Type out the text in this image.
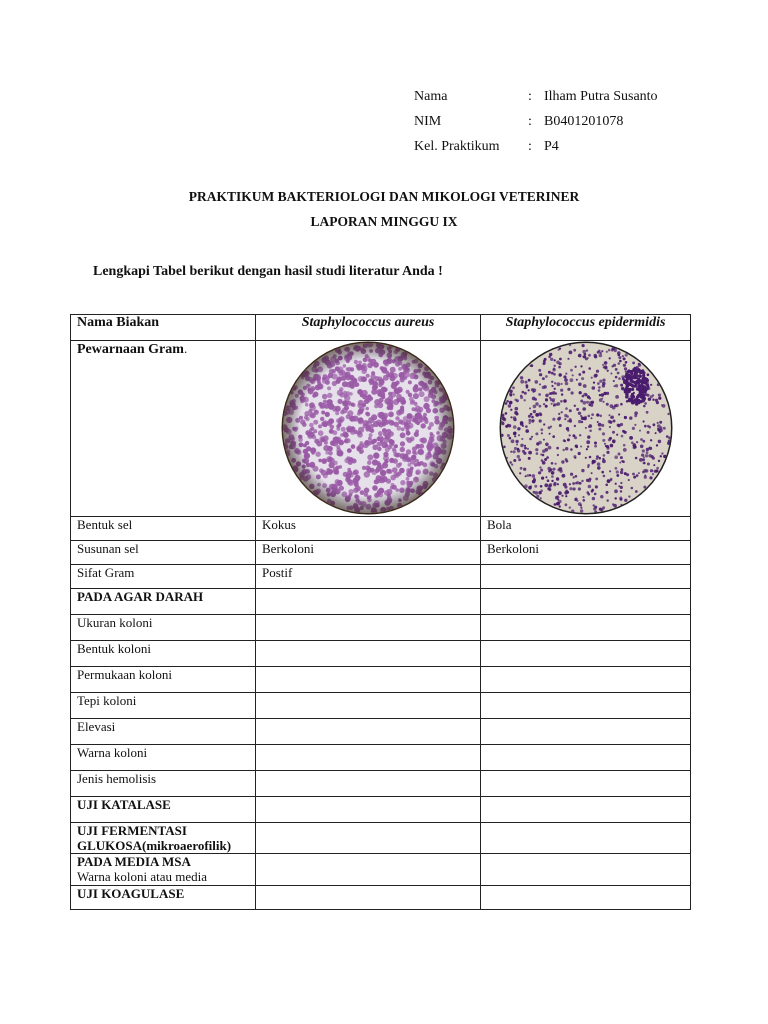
Nama	: Ilham Putra Susanto
NIM	: B0401201078
Kel. Praktikum : P4
PRAKTIKUM BAKTERIOLOGI DAN MIKOLOGI VETERINER
LAPORAN MINGGU IX
Lengkapi Tabel berikut dengan hasil studi literatur Anda !
Nama Biakan	Staphylococcus aureus	Staphylococcus epidermidis
Pewarnaan Gram.	

Bentuk sel	Kokus	Bola
Susunan sel	Berkoloni	Berkoloni
Sifat Gram	Postif	
PADA AGAR DARAH		
Ukuran koloni		
Bentuk koloni		
Permukaan koloni		
Tepi koloni		
Elevasi		
Warna koloni		
Jenis hemolisis		
UJI KATALASE		
UJI FERMENTASI GLUKOSA(mikroaerofilik)		
PADA MEDIA MSA
Warna koloni atau media		

UJI KOAGULASE		
